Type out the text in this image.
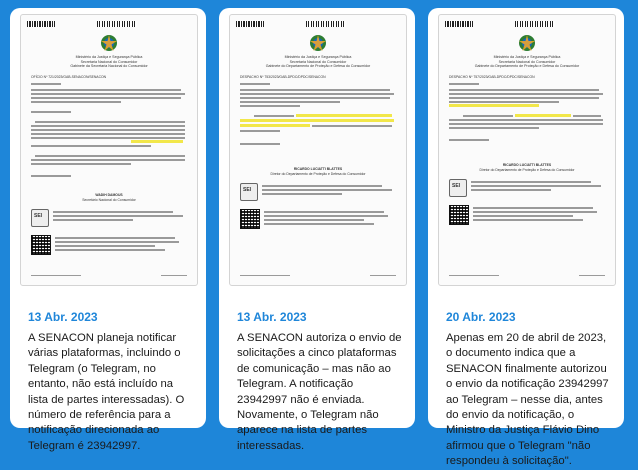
Ministério da Justiça e Segurança Pública
Secretaria Nacional do Consumidor
Gabinete da Secretaria Nacional do Consumidor
OFÍCIO Nº 721/2023/GAB-SENACON/SENACON
WADIH DAMOUS
Secretário Nacional do Consumidor
SEI
13 Abr. 2023
A SENACON planeja notificar várias plataformas, incluindo o Telegram (o Telegram, no entanto, não está incluído na lista de partes interessadas). O número de referência para a notificação direcionada ao Telegram é 23942997.
Ministério da Justiça e Segurança Pública
Secretaria Nacional do Consumidor
Gabinete do Departamento de Proteção e Defesa do Consumidor
DESPACHO Nº 753/2023/GAB-DPDC/DPDC/SENACON
RICARDO LUCIATTI BLATTES
Diretor do Departamento de Proteção e Defesa do Consumidor
SEI
13 Abr. 2023
A SENACON autoriza o envio de solicitações a cinco plataformas de comunicação – mas não ao Telegram. A notificação 23942997 não é enviada. Novamente, o Telegram não aparece na lista de partes interessadas.
Ministério da Justiça e Segurança Pública
Secretaria Nacional do Consumidor
Gabinete do Departamento de Proteção e Defesa do Consumidor
DESPACHO Nº 757/2023/GAB-DPDC/DPDC/SENACON
RICARDO LUCIATTI BLATTES
Diretor do Departamento de Proteção e Defesa do Consumidor
SEI
20 Abr. 2023
Apenas em 20 de abril de 2023, o documento indica que a SENACON finalmente autorizou o envio da notificação 23942997 ao Telegram – nesse dia, antes do envio da notificação, o Ministro da Justiça Flávio Dino afirmou que o Telegram "não respondeu à solicitação".
